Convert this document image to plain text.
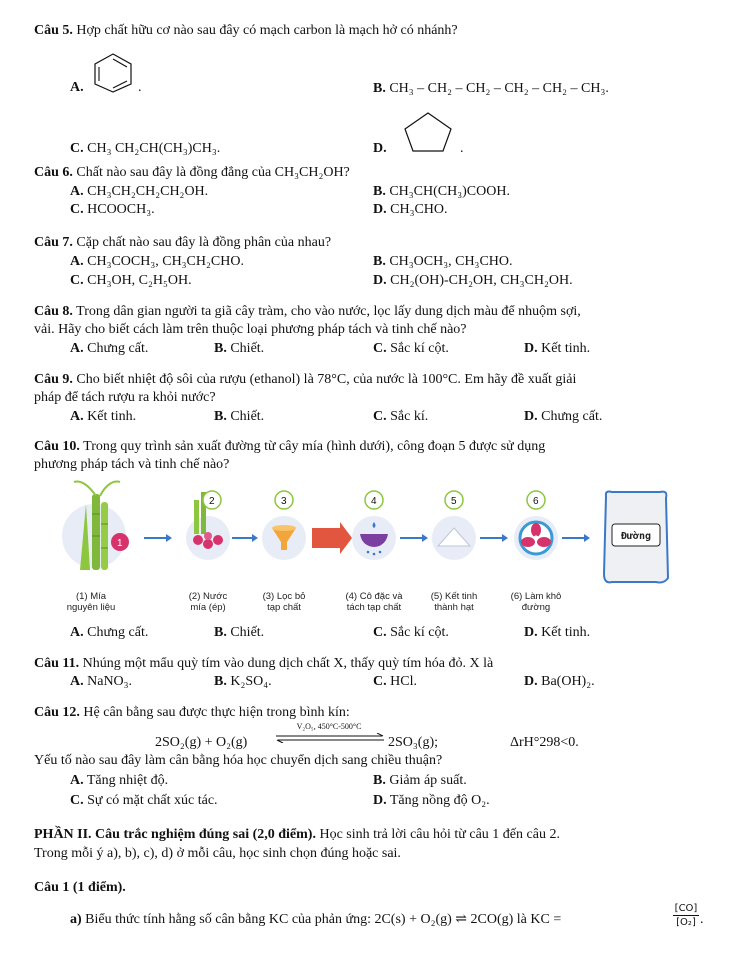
Câu 5. Hợp chất hữu cơ nào sau đây có mạch carbon là mạch hở có nhánh?
A.	.	B. CH₃ – CH₂ – CH₂ – CH₂ – CH₂ – CH₃.
C. CH₃ CH₂CH(CH₃)CH₃.	D.	.
Câu 6. Chất nào sau đây là đồng đẳng của CH₃CH₂OH?
A. CH₃CH₂CH₂CH₂OH.	B. CH₃CH(CH₃)COOH.
C. HCOOCH₃.	D. CH₃CHO.
Câu 7. Cặp chất nào sau đây là đồng phân của nhau?
A. CH₃COCH₃, CH₃CH₂CHO.	B. CH₃OCH₃, CH₃CHO.
C. CH₃OH, C₂H₅OH.	D. CH₂(OH)-CH₂OH, CH₃CH₂OH.
Câu 8. Trong dân gian người ta giã cây tràm, cho vào nước, lọc lấy dung dịch màu để nhuộm sợi,
vải. Hãy cho biết cách làm trên thuộc loại phương pháp tách và tinh chế nào?
A. Chưng cất.	B. Chiết.	C. Sắc kí cột.	D. Kết tinh.
Câu 9. Cho biết nhiệt độ sôi của rượu (ethanol) là 78°C, của nước là 100°C. Em hãy đề xuất giải
pháp để tách rượu ra khỏi nước?
A. Kết tinh.	B. Chiết.	C. Sắc kí.	D. Chưng cất.
Câu 10. Trong quy trình sản xuất đường từ cây mía (hình dưới), công đoạn 5 được sử dụng
phương pháp tách và tinh chế nào?
1
2	3	4	5	6
Đường
(1) Mía
nguyên liệu
(2) Nước
mía (ép)
(3) Lọc bỏ
tạp chất
(4) Cô đặc và
tách tạp chất
(5) Kết tinh
thành hạt
(6) Làm khô
đường
A. Chưng cất.	B. Chiết.	C. Sắc kí cột.	D. Kết tinh.
Câu 11. Nhúng một mẩu quỳ tím vào dung dịch chất X, thấy quỳ tím hóa đỏ. X là
A. NaNO₃.	B. K₂SO₄.	C. HCl.	D. Ba(OH)₂.
Câu 12. Hệ cân bằng sau được thực hiện trong bình kín:
2SO₂(g) + O₂(g)
V₂O₅, 450°C-500°C
2SO₃(g);	ΔrH°298<0.
Yếu tố nào sau đây làm cân bằng hóa học chuyển dịch sang chiều thuận?
A. Tăng nhiệt độ.	B. Giảm áp suất.
C. Sự có mặt chất xúc tác.	D. Tăng nồng độ O₂.
PHẦN II. Câu trắc nghiệm đúng sai (2,0 điểm). Học sinh trả lời câu hỏi từ câu 1 đến câu 2.
Trong mỗi ý a), b), c), d) ở mỗi câu, học sinh chọn đúng hoặc sai.
Câu 1 (1 điểm).
a) Biểu thức tính hằng số cân bằng KC của phản ứng: 2C(s) + O₂(g) ⇌ 2CO(g) là KC =	$\frac{[CO]}{\text{[O₂]}}$ .
